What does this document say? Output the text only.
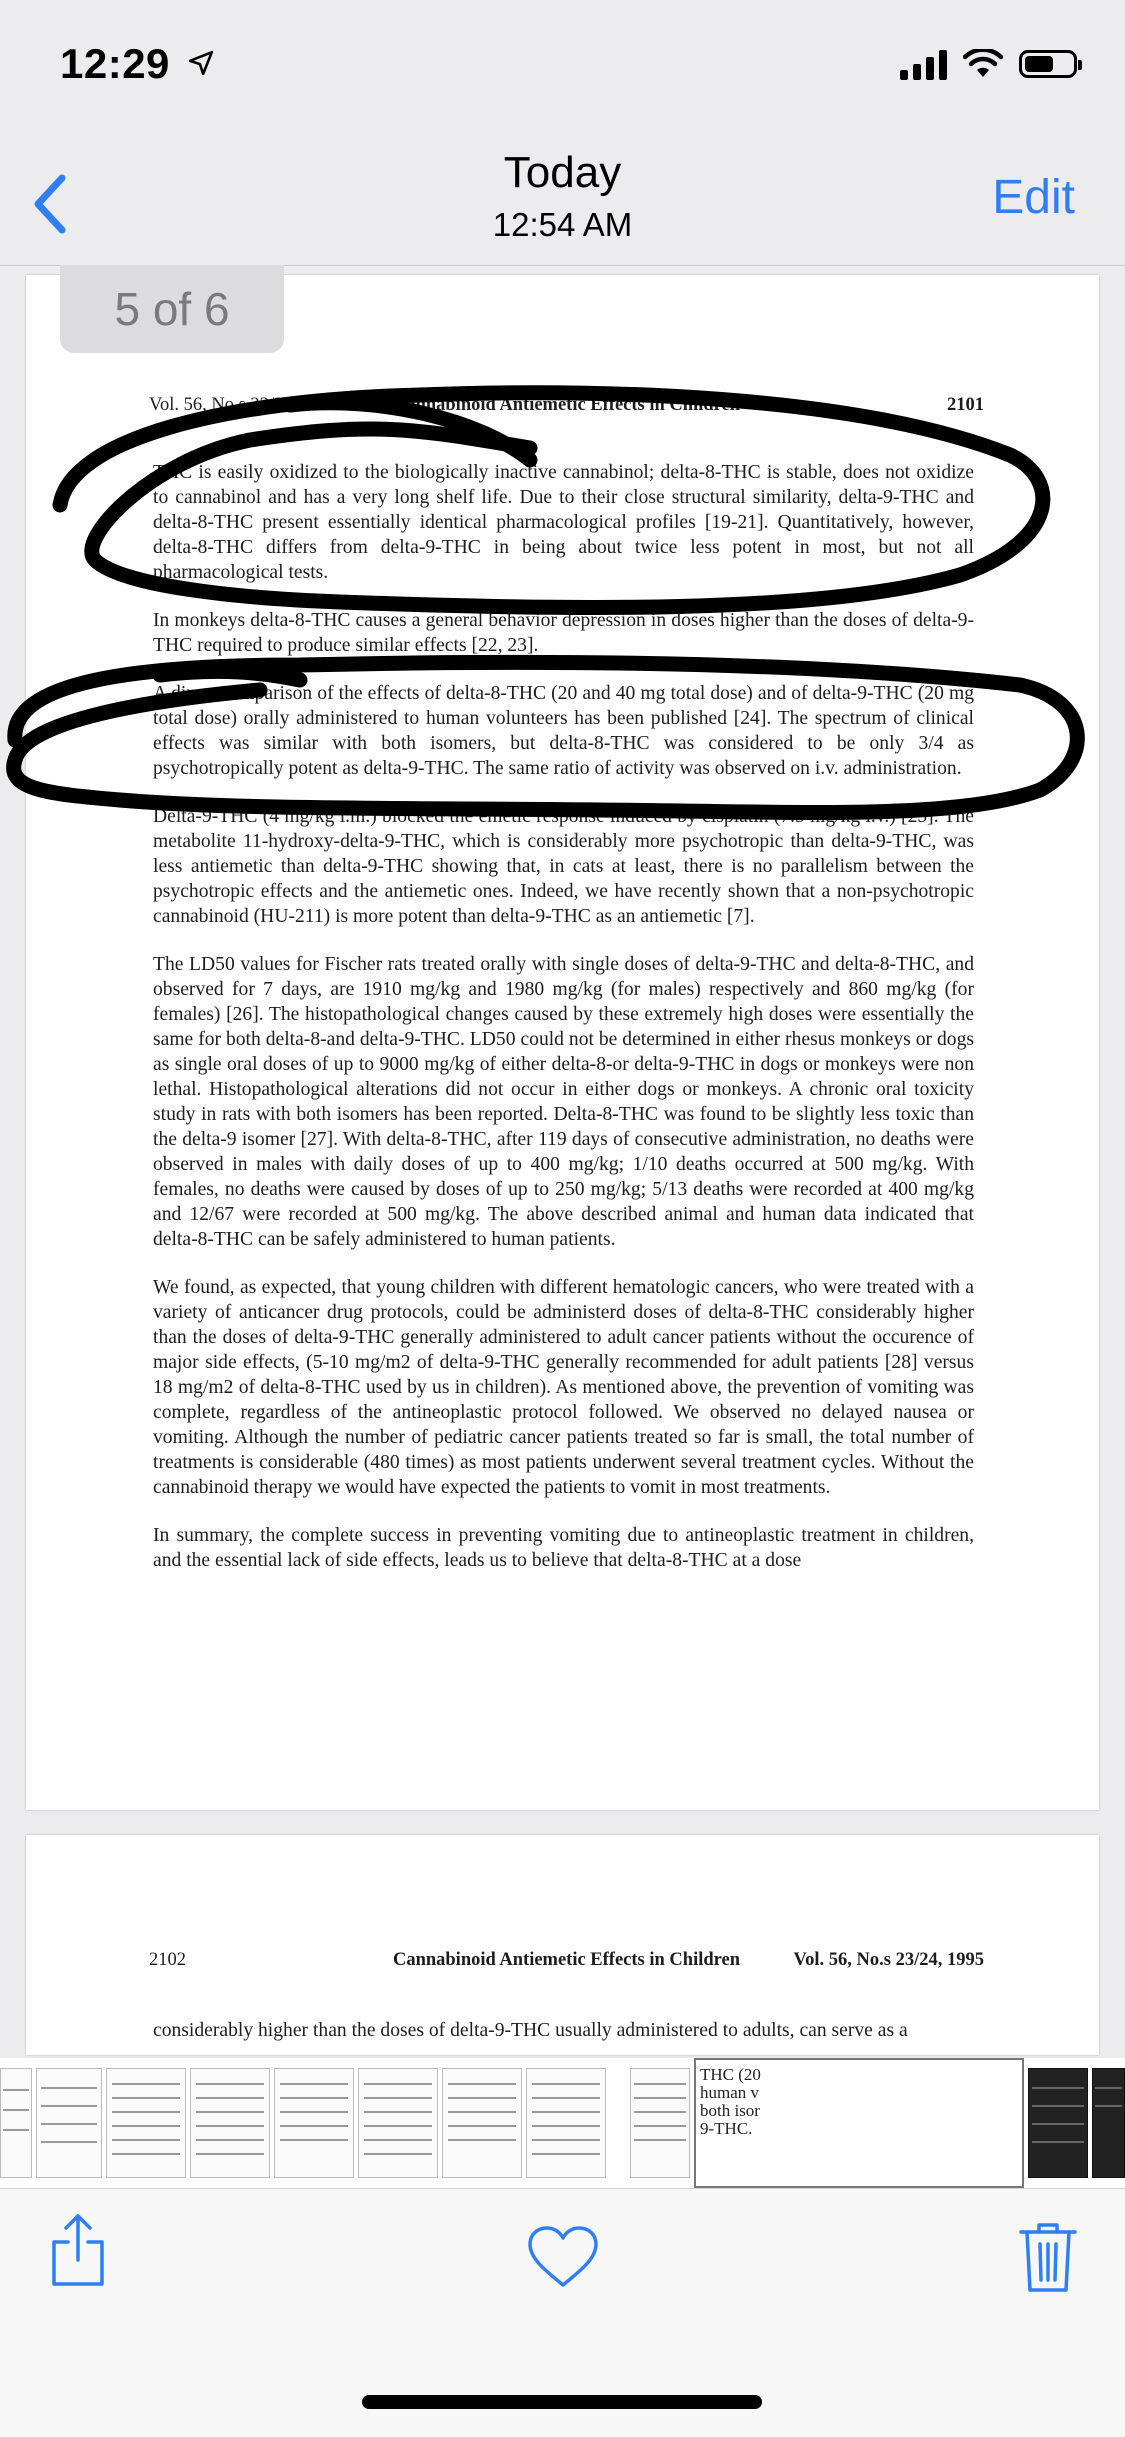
12:29
Today
12:54 AM
Edit
5 of 6
Vol. 56, No.s 23/24	Cannabinoid Antiemetic Effects in Children	2101

THC is easily oxidized to the biologically inactive cannabinol; delta-8-THC is stable, does not oxidize to cannabinol and has a very long shelf life. Due to their close structural similarity, delta-9-THC and delta-8-THC present essentially identical pharmacological profiles [19-21]. Quantitatively, however, delta-8-THC differs from delta-9-THC in being about twice less potent in most, but not all pharmacological tests.

In monkeys delta-8-THC causes a general behavior depression in doses higher than the doses of delta-9-THC required to produce similar effects [22, 23].

A direct comparison of the effects of delta-8-THC (20 and 40 mg total dose) and of delta-9-THC (20 mg total dose) orally administered to human volunteers has been published [24]. The spectrum of clinical effects was similar with both isomers, but delta-8-THC was considered to be only 3/4 as psychotropically potent as delta-9-THC. The same ratio of activity was observed on i.v. administration.

Delta-9-THC (4 mg/kg i.m.) blocked the emetic response induced by cisplatin (7.5 mg/kg i.v.) [25]. The metabolite 11-hydroxy-delta-9-THC, which is considerably more psychotropic than delta-9-THC, was less antiemetic than delta-9-THC showing that, in cats at least, there is no parallelism between the psychotropic effects and the antiemetic ones. Indeed, we have recently shown that a non-psychotropic cannabinoid (HU-211) is more potent than delta-9-THC as an antiemetic [7].

The LD50 values for Fischer rats treated orally with single doses of delta-9-THC and delta-8-THC, and observed for 7 days, are 1910 mg/kg and 1980 mg/kg (for males) respectively and 860 mg/kg (for females) [26]. The histopathological changes caused by these extremely high doses were essentially the same for both delta-8-and delta-9-THC. LD50 could not be determined in either rhesus monkeys or dogs as single oral doses of up to 9000 mg/kg of either delta-8-or delta-9-THC in dogs or monkeys were non lethal. Histopathological alterations did not occur in either dogs or monkeys. A chronic oral toxicity study in rats with both isomers has been reported. Delta-8-THC was found to be slightly less toxic than the delta-9 isomer [27]. With delta-8-THC, after 119 days of consecutive administration, no deaths were observed in males with daily doses of up to 400 mg/kg; 1/10 deaths occurred at 500 mg/kg. With females, no deaths were caused by doses of up to 250 mg/kg; 5/13 deaths were recorded at 400 mg/kg and 12/67 were recorded at 500 mg/kg. The above described animal and human data indicated that delta-8-THC can be safely administered to human patients.

We found, as expected, that young children with different hematologic cancers, who were treated with a variety of anticancer drug protocols, could be administerd doses of delta-8-THC considerably higher than the doses of delta-9-THC generally administered to adult cancer patients without the occurence of major side effects, (5-10 mg/m2 of delta-9-THC generally recommended for adult patients [28] versus 18 mg/m2 of delta-8-THC used by us in children). As mentioned above, the prevention of vomiting was complete, regardless of the antineoplastic protocol followed. We observed no delayed nausea or vomiting. Although the number of pediatric cancer patients treated so far is small, the total number of treatments is considerable (480 times) as most patients underwent several treatment cycles. Without the cannabinoid therapy we would have expected the patients to vomit in most treatments.

In summary, the complete success in preventing vomiting due to antineoplastic treatment in children, and the essential lack of side effects, leads us to believe that delta-8-THC at a dose

2102	Cannabinoid Antiemetic Effects in Children	Vol. 56, No.s 23/24, 1995

considerably higher than the doses of delta-9-THC usually administered to adults, can serve as a

THC (20
human v
both isor
9-THC.
